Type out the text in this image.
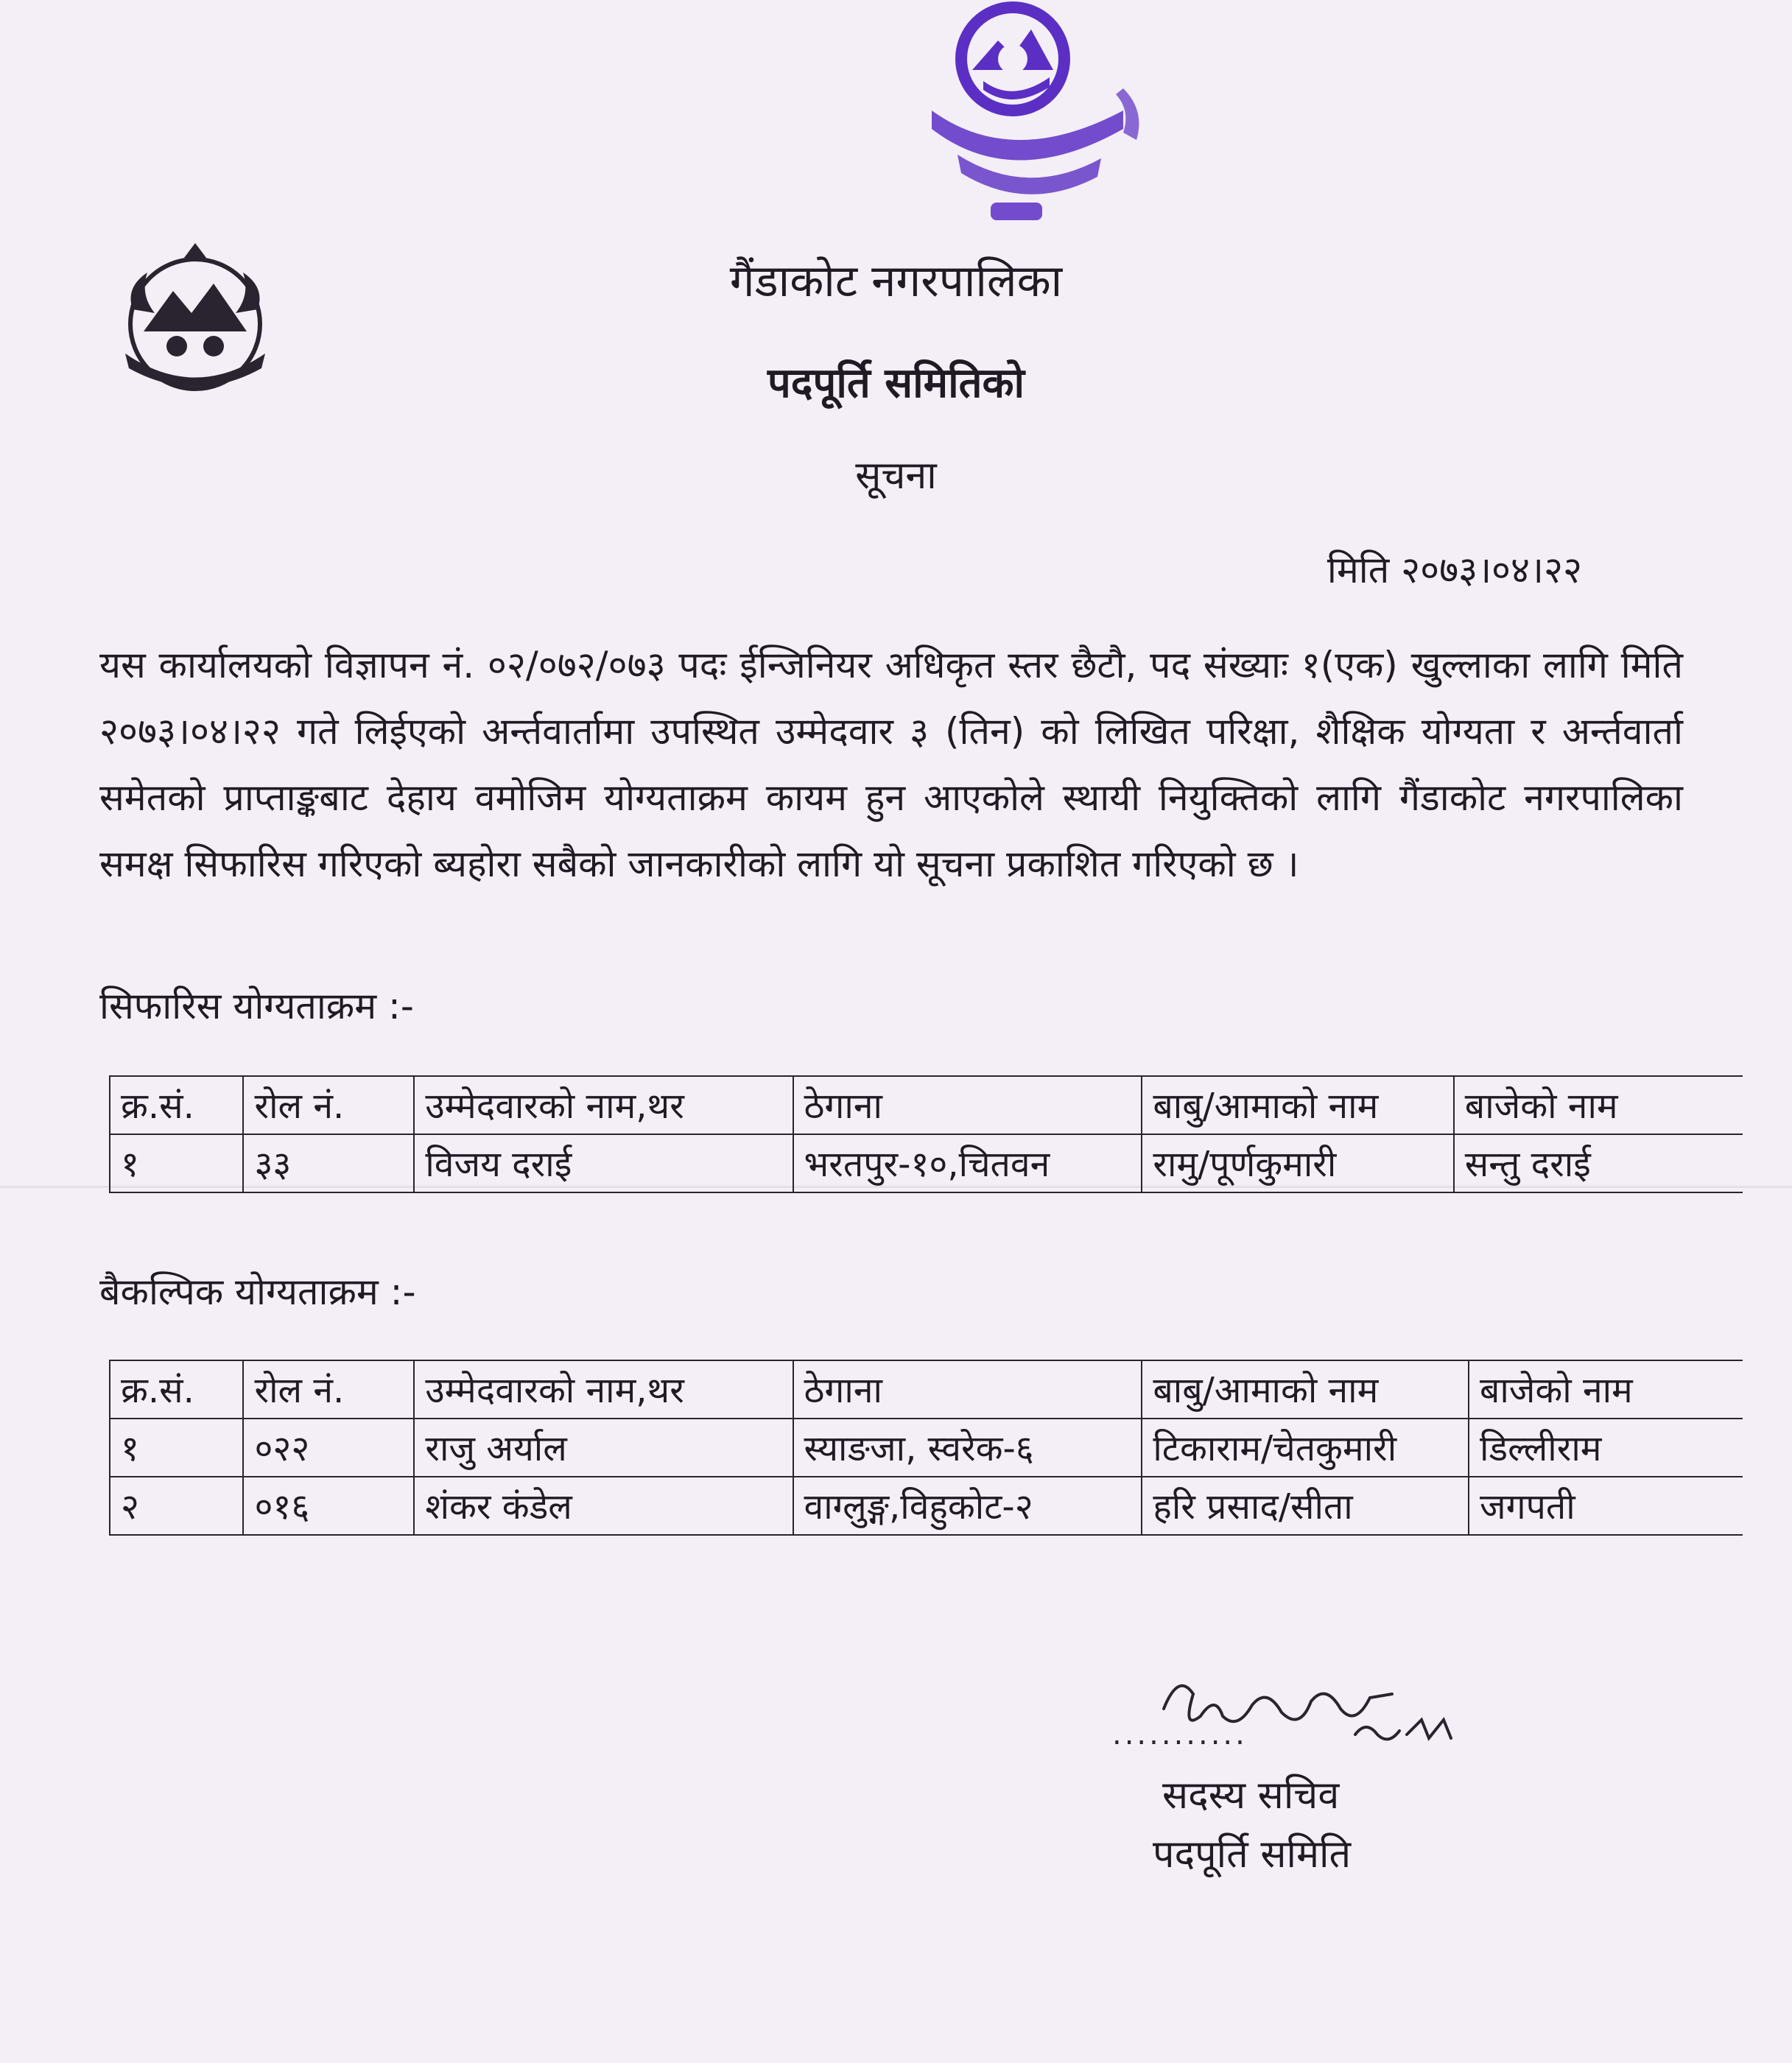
गैंडाकोट नगरपालिका
पदपूर्ति समितिको
सूचना
मिति २०७३।०४।२२
यस कार्यालयको विज्ञापन नं. ०२/०७२/०७३ पदः ईन्जिनियर अधिकृत स्तर छैटौ, पद संख्याः १(एक) खुल्लाका लागि मिति २०७३।०४।२२ गते लिईएको अर्न्तवार्तामा उपस्थित उम्मेदवार ३ (तिन) को लिखित परिक्षा, शैक्षिक योग्यता र अर्न्तवार्ता समेतको प्राप्ताङ्कबाट देहाय वमोजिम योग्यताक्रम कायम हुन आएकोले स्थायी नियुक्तिको लागि गैंडाकोट नगरपालिका समक्ष सिफारिस गरिएको ब्यहोरा सबैको जानकारीको लागि यो सूचना प्रकाशित गरिएको छ ।
सिफारिस योग्यताक्रम :-
क्र.सं.	रोल नं.	उम्मेदवारको नाम,थर	ठेगाना	बाबु/आमाको नाम	बाजेको नाम
१	३३	विजय दराई	भरतपुर-१०,चितवन	रामु/पूर्णकुमारी	सन्तु दराई
बैकल्पिक योग्यताक्रम :-
क्र.सं.	रोल नं.	उम्मेदवारको नाम,थर	ठेगाना	बाबु/आमाको नाम	बाजेको नाम
१	०२२	राजु अर्याल	स्याङजा, स्वरेक-६	टिकाराम/चेतकुमारी	डिल्लीराम
२	०१६	शंकर कंडेल	वाग्लुङ्ग,विहुकोट-२	हरि प्रसाद/सीता	जगपती
...........
सदस्य सचिव
पदपूर्ति समिति
